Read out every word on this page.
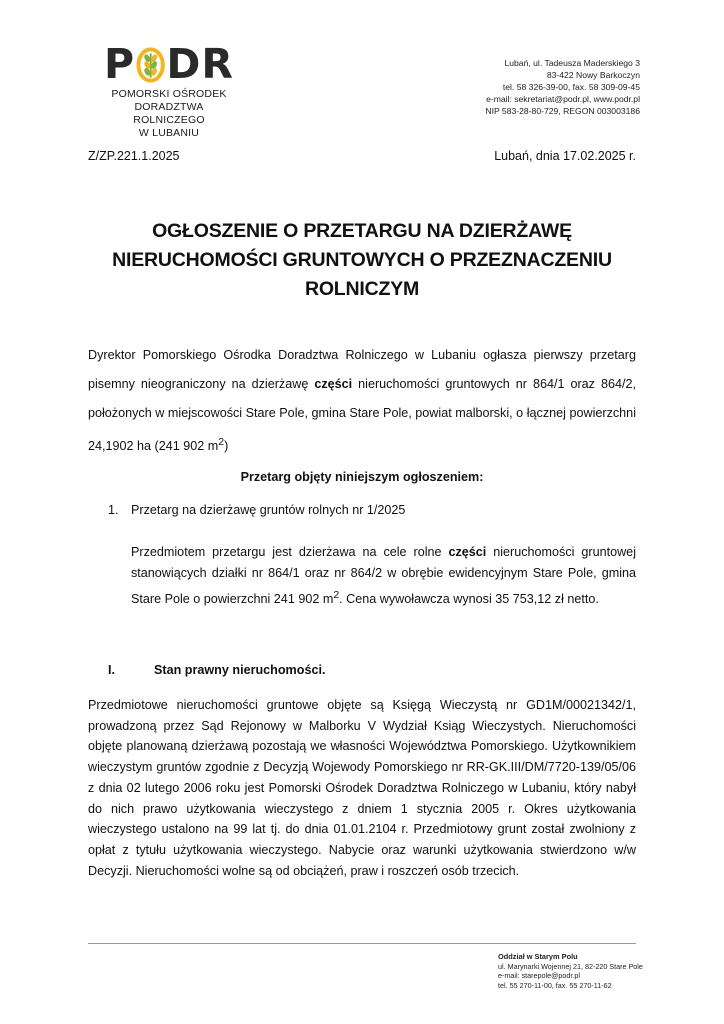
P D R
POMORSKI OŚRODEK
DORADZTWA ROLNICZEGO
W LUBANIU
Lubań, ul. Tadeusza Maderskiego 3
83-422 Nowy Barkoczyn
tel. 58 326-39-00, fax. 58 309-09-45
e-mail: sekretariat@podr.pl, www.podr.pl
NIP 583-28-80-729, REGON 003003186
Z/ZP.221.1.2025	Lubań, dnia 17.02.2025 r.
OGŁOSZENIE O PRZETARGU NA DZIERŻAWĘ
NIERUCHOMOŚCI GRUNTOWYCH O PRZEZNACZENIU
ROLNICZYM
Dyrektor Pomorskiego Ośrodka Doradztwa Rolniczego w Lubaniu ogłasza pierwszy przetarg pisemny nieograniczony na dzierżawę części nieruchomości gruntowych nr 864/1 oraz 864/2, położonych w miejscowości Stare Pole, gmina Stare Pole, powiat malborski, o łącznej powierzchni 24,1902 ha (241 902 $m^2$)
Przetarg objęty niniejszym ogłoszeniem:
1. Przetarg na dzierżawę gruntów rolnych nr 1/2025
Przedmiotem przetargu jest dzierżawa na cele rolne części nieruchomości gruntowej stanowiących działki nr 864/1 oraz nr 864/2 w obrębie ewidencyjnym Stare Pole, gmina Stare Pole o powierzchni 241 902 $m^2$. Cena wywoławcza wynosi 35 753,12 zł netto.
I.	Stan prawny nieruchomości.
Przedmiotowe nieruchomości gruntowe objęte są Księgą Wieczystą nr GD1M/00021342/1, prowadzoną przez Sąd Rejonowy w Malborku V Wydział Ksiąg Wieczystych. Nieruchomości objęte planowaną dzierżawą pozostają we własności Województwa Pomorskiego. Użytkownikiem wieczystym gruntów zgodnie z Decyzją Wojewody Pomorskiego nr RR-GK.III/DM/7720-139/05/06 z dnia 02 lutego 2006 roku jest Pomorski Ośrodek Doradztwa Rolniczego w Lubaniu, który nabył do nich prawo użytkowania wieczystego z dniem 1 stycznia 2005 r. Okres użytkowania wieczystego ustalono na 99 lat tj. do dnia 01.01.2104 r. Przedmiotowy grunt został zwolniony z opłat z tytułu użytkowania wieczystego. Nabycie oraz warunki użytkowania stwierdzono w/w Decyzji. Nieruchomości wolne są od obciążeń, praw i roszczeń osób trzecich.
Oddział w Starym Polu
ul. Marynarki Wojennej 21, 82-220 Stare Pole
e-mail: starepole@podr.pl
tel. 55 270-11-00, fax. 55 270-11-62
